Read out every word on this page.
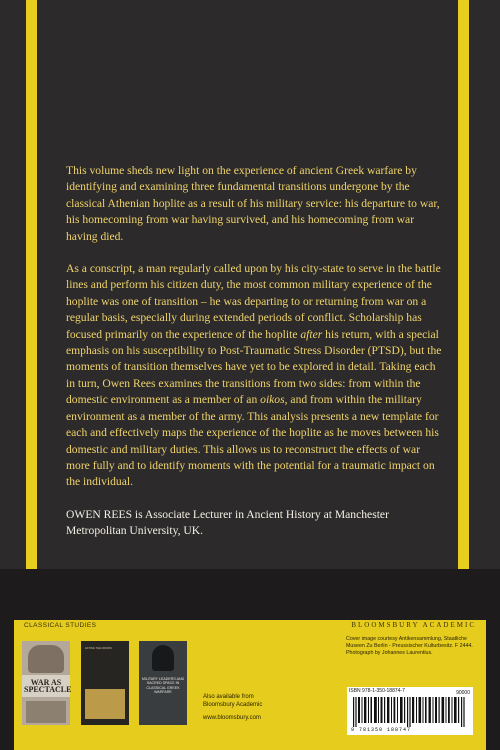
This volume sheds new light on the experience of ancient Greek warfare by identifying and examining three fundamental transitions undergone by the classical Athenian hoplite as a result of his military service: his departure to war, his homecoming from war having survived, and his homecoming from war having died.

As a conscript, a man regularly called upon by his city-state to serve in the battle lines and perform his citizen duty, the most common military experience of the hoplite was one of transition – he was departing to or returning from war on a regular basis, especially during extended periods of conflict. Scholarship has focused primarily on the experience of the hoplite after his return, with a special emphasis on his susceptibility to Post-Traumatic Stress Disorder (PTSD), but the moments of transition themselves have yet to be explored in detail. Taking each in turn, Owen Rees examines the transitions from two sides: from within the domestic environment as a member of an oikos, and from within the military environment as a member of the army. This analysis presents a new template for each and effectively maps the experience of the hoplite as he moves between his domestic and military duties. This allows us to reconstruct the effects of war more fully and to identify moments with the potential for a traumatic impact on the individual.

OWEN REES is Associate Lecturer in Ancient History at Manchester Metropolitan University, UK.

CLASSICAL STUDIES	BLOOMSBURY ACADEMIC
WAR AS SPECTACLE
LIFTING THE CROWN
MILITARY LEADERS AND SACRED SPACE IN CLASSICAL GREEK WARFARE
Also available from Bloomsbury Academic
www.bloomsbury.com
Cover image courtesy Antikensammlung, Staatliche Museen Zu Berlin - Preussischer Kulturbesitz. F 2444. Photograph by Johannes Laurentius.
ISBN 978-1-350-18874-7	90000
9 781350 188747
